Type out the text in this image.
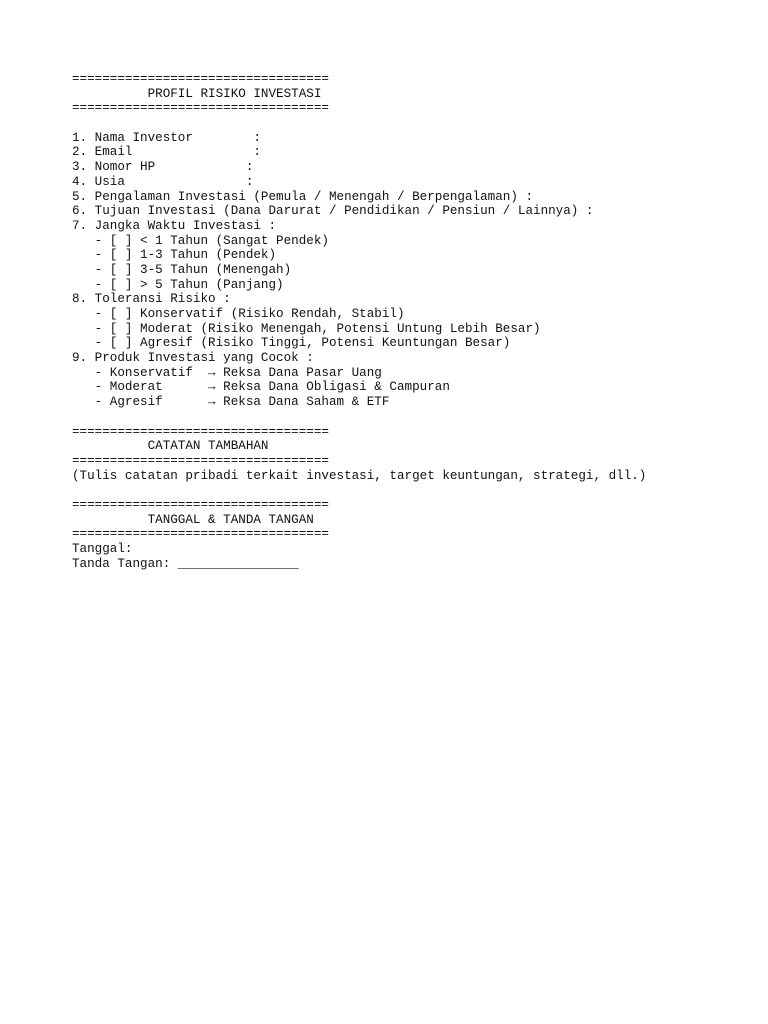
==================================
PROFIL RISIKO INVESTASI
==================================
1. Nama Investor        :
2. Email                :
3. Nomor HP            :
4. Usia                :
5. Pengalaman Investasi (Pemula / Menengah / Berpengalaman) :
6. Tujuan Investasi (Dana Darurat / Pendidikan / Pensiun / Lainnya) :
7. Jangka Waktu Investasi :
- [ ] < 1 Tahun (Sangat Pendek)
- [ ] 1-3 Tahun (Pendek)
- [ ] 3-5 Tahun (Menengah)
- [ ] > 5 Tahun (Panjang)
8. Toleransi Risiko :
- [ ] Konservatif (Risiko Rendah, Stabil)
- [ ] Moderat (Risiko Menengah, Potensi Untung Lebih Besar)
- [ ] Agresif (Risiko Tinggi, Potensi Keuntungan Besar)
9. Produk Investasi yang Cocok :
- Konservatif  → Reksa Dana Pasar Uang
- Moderat      → Reksa Dana Obligasi & Campuran
- Agresif      → Reksa Dana Saham & ETF
==================================
CATATAN TAMBAHAN
==================================
(Tulis catatan pribadi terkait investasi, target keuntungan, strategi, dll.)
==================================
TANGGAL & TANDA TANGAN
==================================
Tanggal:
Tanda Tangan: ________________
